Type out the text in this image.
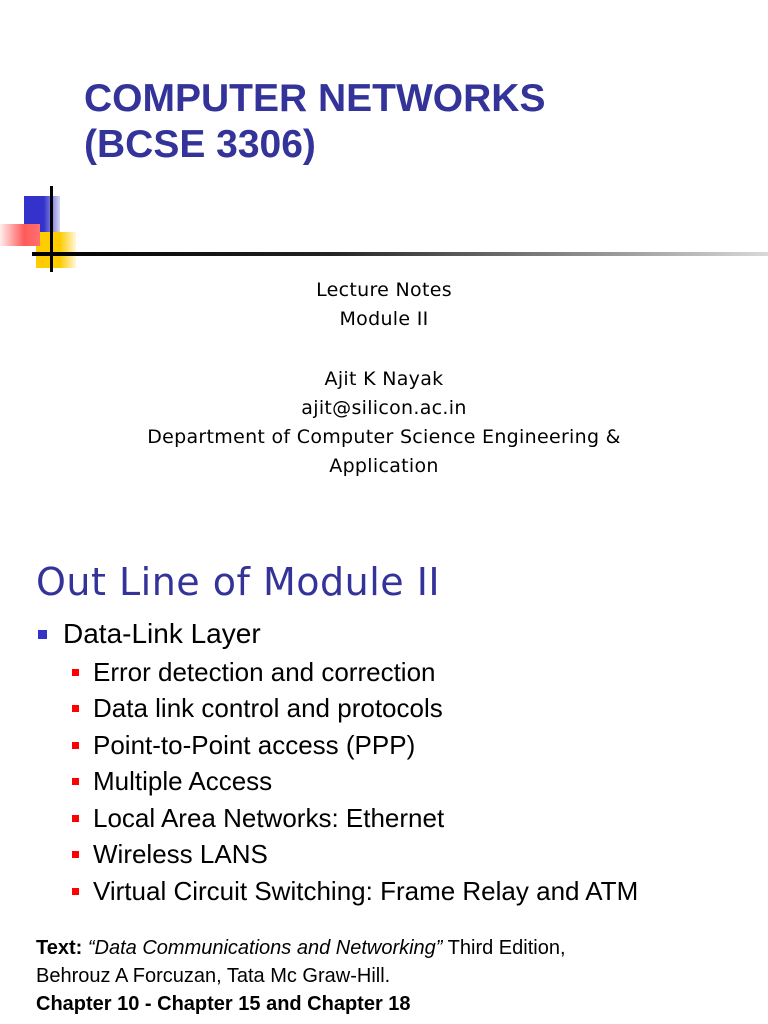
COMPUTER NETWORKS
(BCSE 3306)
Lecture Notes
Module II
Ajit K Nayak
ajit@silicon.ac.in
Department of Computer Science Engineering &
Application
Out Line of Module II
Data-Link Layer
Error detection and correction
Data link control and protocols
Point-to-Point access (PPP)
Multiple Access
Local Area Networks: Ethernet
Wireless LANS
Virtual Circuit Switching: Frame Relay and ATM
Text: “Data Communications and Networking” Third Edition,
Behrouz A Forcuzan, Tata Mc Graw-Hill.
Chapter 10 - Chapter 15 and Chapter 18
